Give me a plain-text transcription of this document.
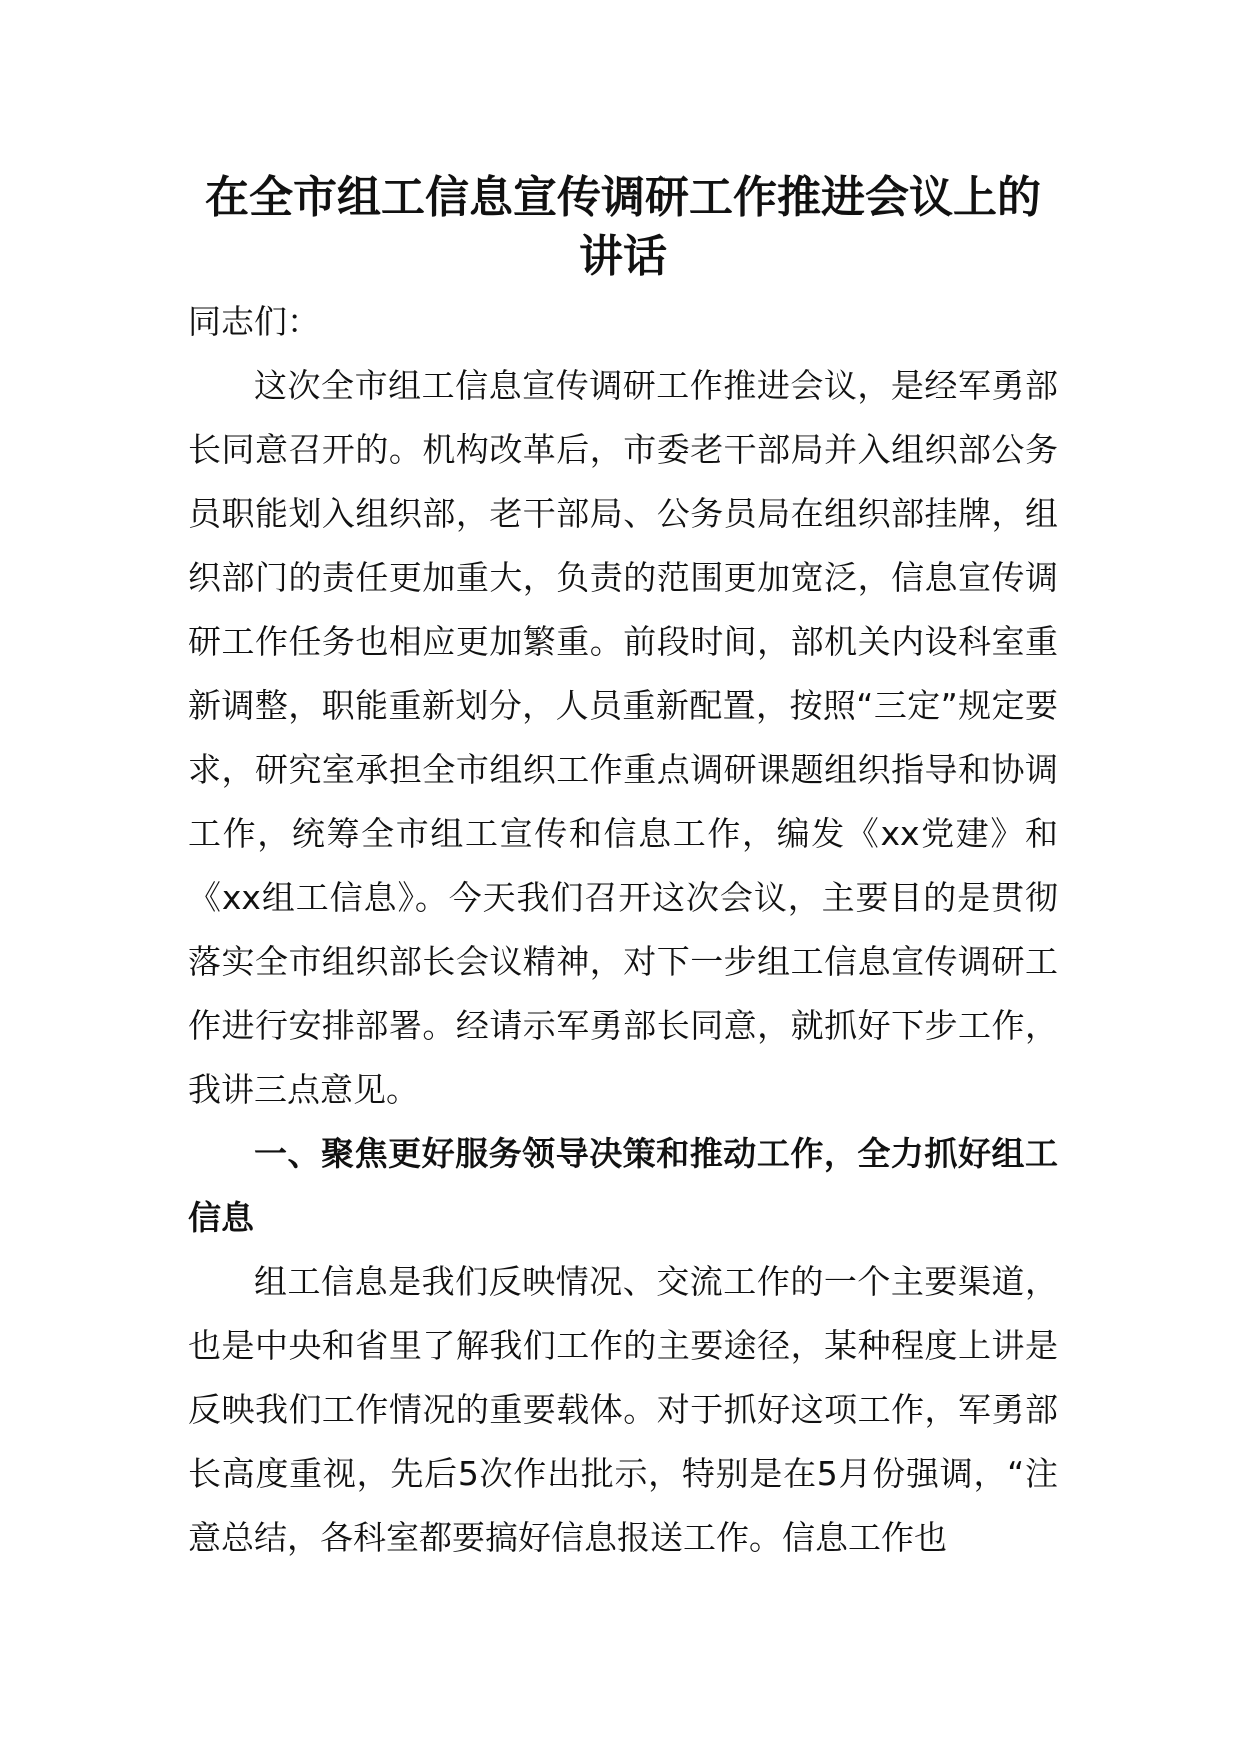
在全市组工信息宣传调研工作推进会议上的讲话
同志们：

这次全市组工信息宣传调研工作推进会议，是经军勇部长同意召开的。机构改革后，市委老干部局并入组织部公务员职能划入组织部，老干部局、公务员局在组织部挂牌，组织部门的责任更加重大，负责的范围更加宽泛，信息宣传调研工作任务也相应更加繁重。前段时间，部机关内设科室重新调整，职能重新划分，人员重新配置，按照“三定”规定要求，研究室承担全市组织工作重点调研课题组织指导和协调工作，统筹全市组工宣传和信息工作，编发《xx党建》和《xx组工信息》。今天我们召开这次会议，主要目的是贯彻落实全市组织部长会议精神，对下一步组工信息宣传调研工作进行安排部署。经请示军勇部长同意，就抓好下步工作，我讲三点意见。

一、聚焦更好服务领导决策和推动工作，全力抓好组工信息

组工信息是我们反映情况、交流工作的一个主要渠道，也是中央和省里了解我们工作的主要途径，某种程度上讲是反映我们工作情况的重要载体。对于抓好这项工作，军勇部长高度重视，先后5次作出批示，特别是在5月份强调，“注意总结，各科室都要搞好信息报送工作。信息工作也
